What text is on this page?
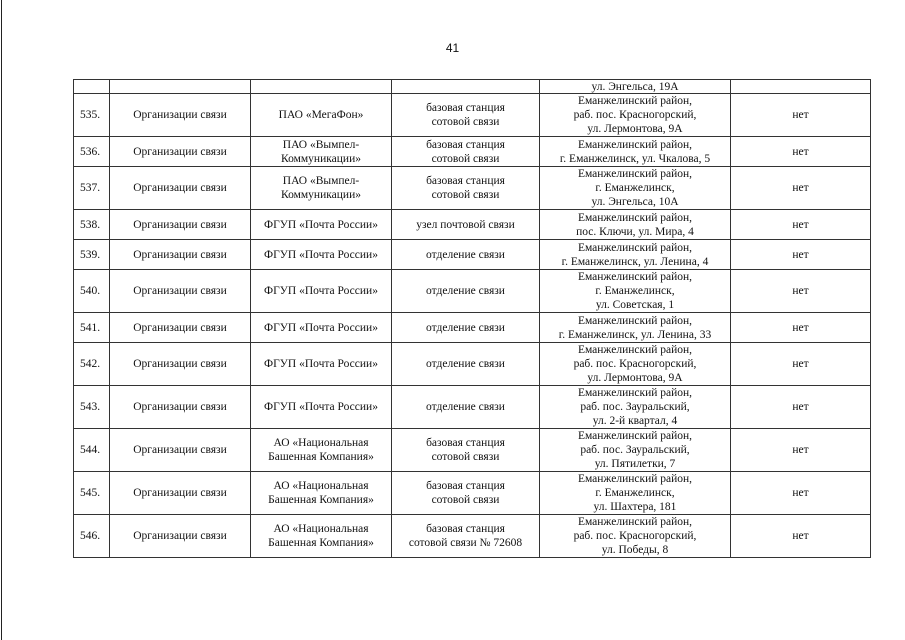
41
				ул. Энгельса, 19А	
535.	Организации связи	ПАО «МегаФон»	базовая станция
сотовой связи	Еманжелинский район,
раб. пос. Красногорский,
ул. Лермонтова, 9А	нет
536.	Организации связи	ПАО «Вымпел-
Коммуникации»	базовая станция
сотовой связи	Еманжелинский район,
г. Еманжелинск, ул. Чкалова, 5	нет
537.	Организации связи	ПАО «Вымпел-
Коммуникации»	базовая станция
сотовой связи	Еманжелинский район,
г. Еманжелинск,
ул. Энгельса, 10А	нет
538.	Организации связи	ФГУП «Почта России»	узел почтовой связи	Еманжелинский район,
пос. Ключи, ул. Мира, 4	нет
539.	Организации связи	ФГУП «Почта России»	отделение связи	Еманжелинский район,
г. Еманжелинск, ул. Ленина, 4	нет
540.	Организации связи	ФГУП «Почта России»	отделение связи	Еманжелинский район,
г. Еманжелинск,
ул. Советская, 1	нет
541.	Организации связи	ФГУП «Почта России»	отделение связи	Еманжелинский район,
г. Еманжелинск, ул. Ленина, 33	нет
542.	Организации связи	ФГУП «Почта России»	отделение связи	Еманжелинский район,
раб. пос. Красногорский,
ул. Лермонтова, 9А	нет
543.	Организации связи	ФГУП «Почта России»	отделение связи	Еманжелинский район,
раб. пос. Зауральский,
ул. 2-й квартал, 4	нет
544.	Организации связи	АО «Национальная
Башенная Компания»	базовая станция
сотовой связи	Еманжелинский район,
раб. пос. Зауральский,
ул. Пятилетки, 7	нет
545.	Организации связи	АО «Национальная
Башенная Компания»	базовая станция
сотовой связи	Еманжелинский район,
г. Еманжелинск,
ул. Шахтера, 181	нет
546.	Организации связи	АО «Национальная
Башенная Компания»	базовая станция
сотовой связи № 72608	Еманжелинский район,
раб. пос. Красногорский,
ул. Победы, 8	нет
